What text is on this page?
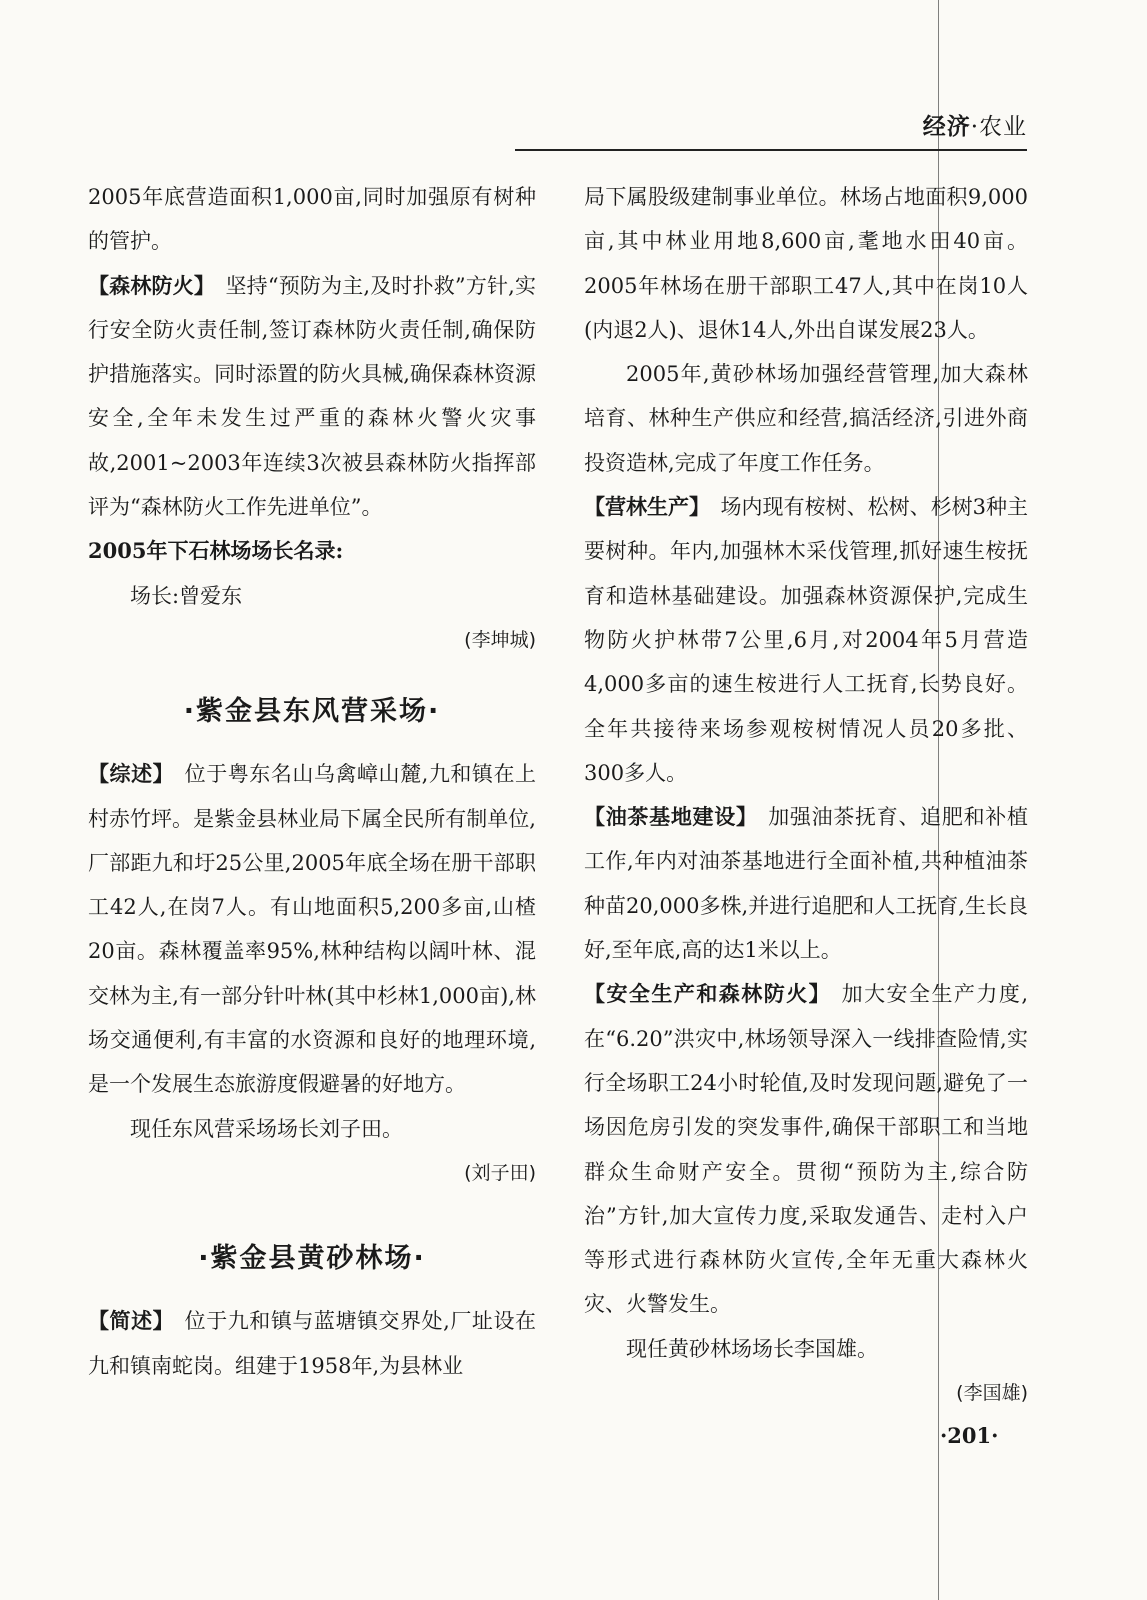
经济·农业

2005年底营造面积1,000亩,同时加强原有树种的管护。

【森林防火】 坚持“预防为主,及时扑救”方针,实行安全防火责任制,签订森林防火责任制,确保防护措施落实。同时添置的防火具械,确保森林资源安全,全年未发生过严重的森林火警火灾事故,2001~2003年连续3次被县森林防火指挥部评为“森林防火工作先进单位”。

2005年下石林场场长名录:

场长:曾爱东

(李坤城)

·紫金县东风营采场·

【综述】 位于粤东名山乌禽嶂山麓,九和镇在上村赤竹坪。是紫金县林业局下属全民所有制单位,厂部距九和圩25公里,2005年底全场在册干部职工42人,在岗7人。有山地面积5,200多亩,山楂20亩。森林覆盖率95%,林种结构以阔叶林、混交林为主,有一部分针叶林(其中杉林1,000亩),林场交通便利,有丰富的水资源和良好的地理环境,是一个发展生态旅游度假避暑的好地方。

现任东风营采场场长刘子田。

(刘子田)

·紫金县黄砂林场·

【简述】 位于九和镇与蓝塘镇交界处,厂址设在九和镇南蛇岗。组建于1958年,为县林业

局下属股级建制事业单位。林场占地面积9,000亩,其中林业用地8,600亩,耄地水田40亩。2005年林场在册干部职工47人,其中在岗10人(内退2人)、退休14人,外出自谋发展23人。

2005年,黄砂林场加强经营管理,加大森林培育、林种生产供应和经营,搞活经济,引进外商投资造林,完成了年度工作任务。

【营林生产】 场内现有桉树、松树、杉树3种主要树种。年内,加强林木采伐管理,抓好速生桉抚育和造林基础建设。加强森林资源保护,完成生物防火护林带7公里,6月,对2004年5月营造4,000多亩的速生桉进行人工抚育,长势良好。全年共接待来场参观桉树情况人员20多批、300多人。

【油茶基地建设】 加强油茶抚育、追肥和补植工作,年内对油茶基地进行全面补植,共种植油茶种苗20,000多株,并进行追肥和人工抚育,生长良好,至年底,高的达1米以上。

【安全生产和森林防火】 加大安全生产力度,在“6.20”洪灾中,林场领导深入一线排查险情,实行全场职工24小时轮值,及时发现问题,避免了一场因危房引发的突发事件,确保干部职工和当地群众生命财产安全。贯彻“预防为主,综合防治”方针,加大宣传力度,采取发通告、走村入户等形式进行森林防火宣传,全年无重大森林火灾、火警发生。

现任黄砂林场场长李国雄。

(李国雄)

·201·
